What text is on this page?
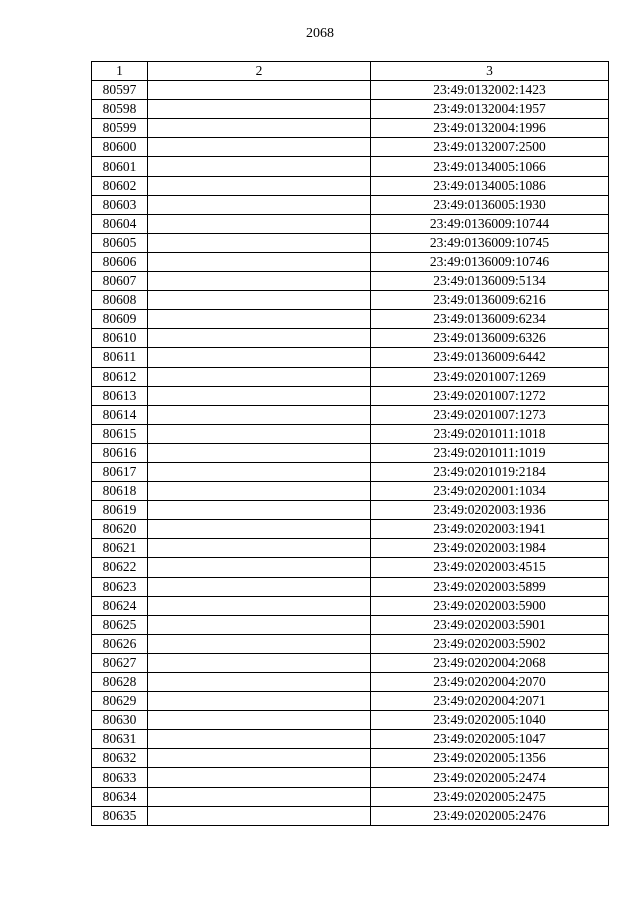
2068
1	2	3
80597		23:49:0132002:1423
80598		23:49:0132004:1957
80599		23:49:0132004:1996
80600		23:49:0132007:2500
80601		23:49:0134005:1066
80602		23:49:0134005:1086
80603		23:49:0136005:1930
80604		23:49:0136009:10744
80605		23:49:0136009:10745
80606		23:49:0136009:10746
80607		23:49:0136009:5134
80608		23:49:0136009:6216
80609		23:49:0136009:6234
80610		23:49:0136009:6326
80611		23:49:0136009:6442
80612		23:49:0201007:1269
80613		23:49:0201007:1272
80614		23:49:0201007:1273
80615		23:49:0201011:1018
80616		23:49:0201011:1019
80617		23:49:0201019:2184
80618		23:49:0202001:1034
80619		23:49:0202003:1936
80620		23:49:0202003:1941
80621		23:49:0202003:1984
80622		23:49:0202003:4515
80623		23:49:0202003:5899
80624		23:49:0202003:5900
80625		23:49:0202003:5901
80626		23:49:0202003:5902
80627		23:49:0202004:2068
80628		23:49:0202004:2070
80629		23:49:0202004:2071
80630		23:49:0202005:1040
80631		23:49:0202005:1047
80632		23:49:0202005:1356
80633		23:49:0202005:2474
80634		23:49:0202005:2475
80635		23:49:0202005:2476
